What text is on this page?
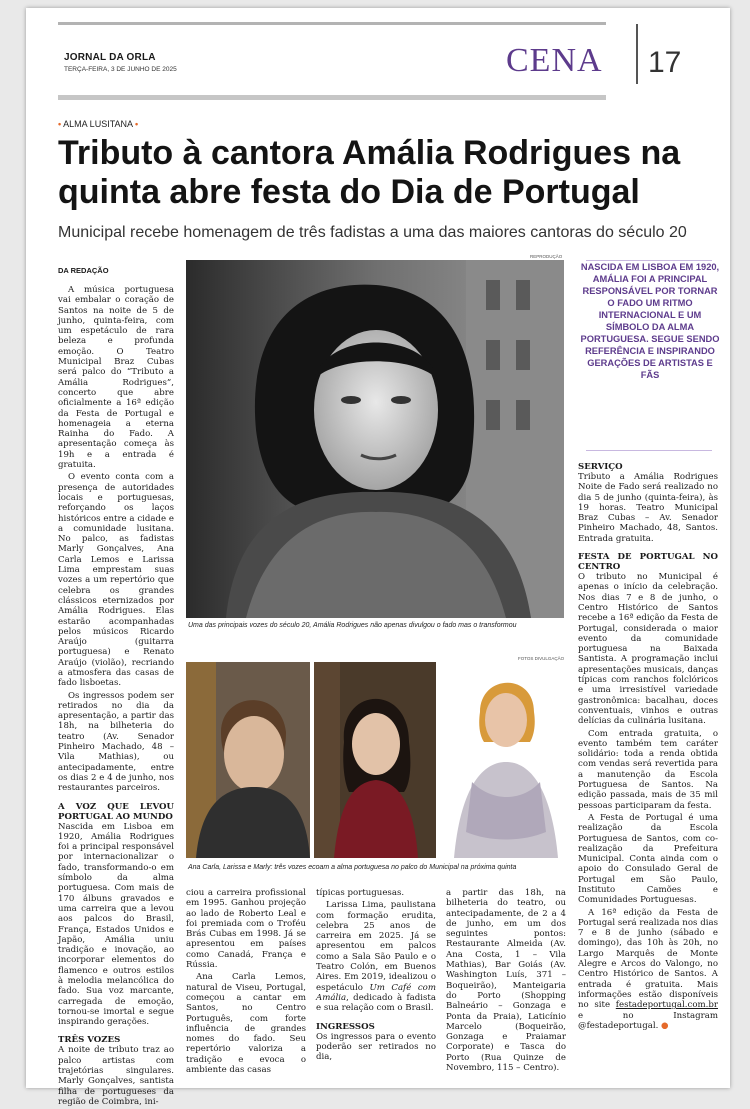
JORNAL DA ORLA
TERÇA-FEIRA, 3 DE JUNHO DE 2025	CENA 17
• ALMA LUSITANA •
Tributo à cantora Amália Rodrigues na quinta abre festa do Dia de Portugal
Municipal recebe homenagem de três fadistas a uma das maiores cantoras do século 20
DA REDAÇÃO

A música portuguesa vai embalar o coração de Santos na noite de 5 de junho, quinta-feira, com um espetáculo de rara beleza e profunda emoção. O Teatro Municipal Braz Cubas será palco do “Tributo a Amália Rodrigues”, concerto que abre oficialmente a 16ª edição da Festa de Portugal e homenageia a eterna Rainha do Fado. A apresentação começa às 19h e a entrada é gratuita.

O evento conta com a presença de autoridades locais e portuguesas, reforçando os laços históricos entre a cidade e a comunidade lusitana. No palco, as fadistas Marly Gonçalves, Ana Carla Lemos e Larissa Lima emprestam suas vozes a um repertório que celebra os grandes clássicos eternizados por Amália Rodrigues. Elas estarão acompanhadas pelos músicos Ricardo Araújo (guitarra portuguesa) e Renato Araújo (violão), recriando a atmosfera das casas de fado lisboetas.

Os ingressos podem ser retirados no dia da apresentação, a partir das 18h, na bilheteria do teatro (Av. Senador Pinheiro Machado, 48 – Vila Mathias), ou antecipadamente, entre os dias 2 e 4 de junho, nos restaurantes parceiros.

A VOZ QUE LEVOU PORTUGAL AO MUNDO

Nascida em Lisboa em 1920, Amália Rodrigues foi a principal responsável por internacionalizar o fado, transformando-o em símbolo da alma portuguesa. Com mais de 170 álbuns gravados e uma carreira que a levou aos palcos do Brasil, França, Estados Unidos e Japão, Amália uniu tradição e inovação, ao incorporar elementos do flamenco e outros estilos à melodia melancólica do fado. Sua voz marcante, carregada de emoção, tornou-se imortal e segue inspirando gerações.

TRÊS VOZES

A noite de tributo traz ao palco artistas com trajetórias singulares. Marly Gonçalves, santista filha de portugueses da região de Coimbra, ini-

REPRODUÇÃO
Uma das principais vozes do século 20, Amália Rodrigues não apenas divulgou o fado mas o transformou
FOTOS DIVULGAÇÃO
Ana Carla, Larissa e Marly: três vozes ecoam a alma portuguesa no palco do Municipal na próxima quinta

ciou a carreira profissional em 1995. Ganhou projeção ao lado de Roberto Leal e foi premiada com o Troféu Brás Cubas em 1998. Já se apresentou em países como Canadá, França e Rússia.

Ana Carla Lemos, natural de Viseu, Portugal, começou a cantar em Santos, no Centro Português, com forte influência de grandes nomes do fado. Seu repertório valoriza a tradição e evoca o ambiente das casas

típicas portuguesas.

Larissa Lima, paulistana com formação erudita, celebra 25 anos de carreira em 2025. Já se apresentou em palcos como a Sala São Paulo e o Teatro Colón, em Buenos Aires. Em 2019, idealizou o espetáculo Um Café com Amália, dedicado à fadista e sua relação com o Brasil.

INGRESSOS

Os ingressos para o evento poderão ser retirados no dia,

a partir das 18h, na bilheteria do teatro, ou antecipadamente, de 2 a 4 de junho, em um dos seguintes pontos: Restaurante Almeida (Av. Ana Costa, 1 – Vila Mathias), Bar Goiás (Av. Washington Luís, 371 – Boqueirão), Manteigaria do Porto (Shopping Balneário – Gonzaga e Ponta da Praia), Laticínio Marcelo (Boqueirão, Gonzaga e Praiamar Corporate) e Tasca do Porto (Rua Quinze de Novembro, 115 – Centro).

NASCIDA EM LISBOA EM 1920, AMÁLIA FOI A PRINCIPAL RESPONSÁVEL POR TORNAR O FADO UM RITMO INTERNACIONAL E UM SÍMBOLO DA ALMA PORTUGUESA. SEGUE SENDO REFERÊNCIA E INSPIRANDO GERAÇÕES DE ARTISTAS E FÃS
SERVIÇO

Tributo a Amália Rodrigues Noite de Fado será realizado no dia 5 de junho (quinta-feira), às 19 horas. Teatro Municipal Braz Cubas – Av. Senador Pinheiro Machado, 48, Santos. Entrada gratuita.

FESTA DE PORTUGAL NO CENTRO

O tributo no Municipal é apenas o início da celebração. Nos dias 7 e 8 de junho, o Centro Histórico de Santos recebe a 16ª edição da Festa de Portugal, considerada o maior evento da comunidade portuguesa na Baixada Santista. A programação inclui apresentações musicais, danças típicas com ranchos folclóricos e uma irresistível variedade gastronômica: bacalhau, doces conventuais, vinhos e outras delícias da culinária lusitana.

Com entrada gratuita, o evento também tem caráter solidário: toda a renda obtida com vendas será revertida para a manutenção da Escola Portuguesa de Santos. Na edição passada, mais de 35 mil pessoas participaram da festa.

A Festa de Portugal é uma realização da Escola Portuguesa de Santos, com co-realização da Prefeitura Municipal. Conta ainda com o apoio do Consulado Geral de Portugal em São Paulo, Instituto Camões e Comunidades Portuguesas.

A 16ª edição da Festa de Portugal será realizada nos dias 7 e 8 de junho (sábado e domingo), das 10h às 20h, no Largo Marquês de Monte Alegre e Arcos do Valongo, no Centro Histórico de Santos. A entrada é gratuita. Mais informações estão disponíveis no site festadeportugal.com.br e no Instagram @festadeportugal. ●
